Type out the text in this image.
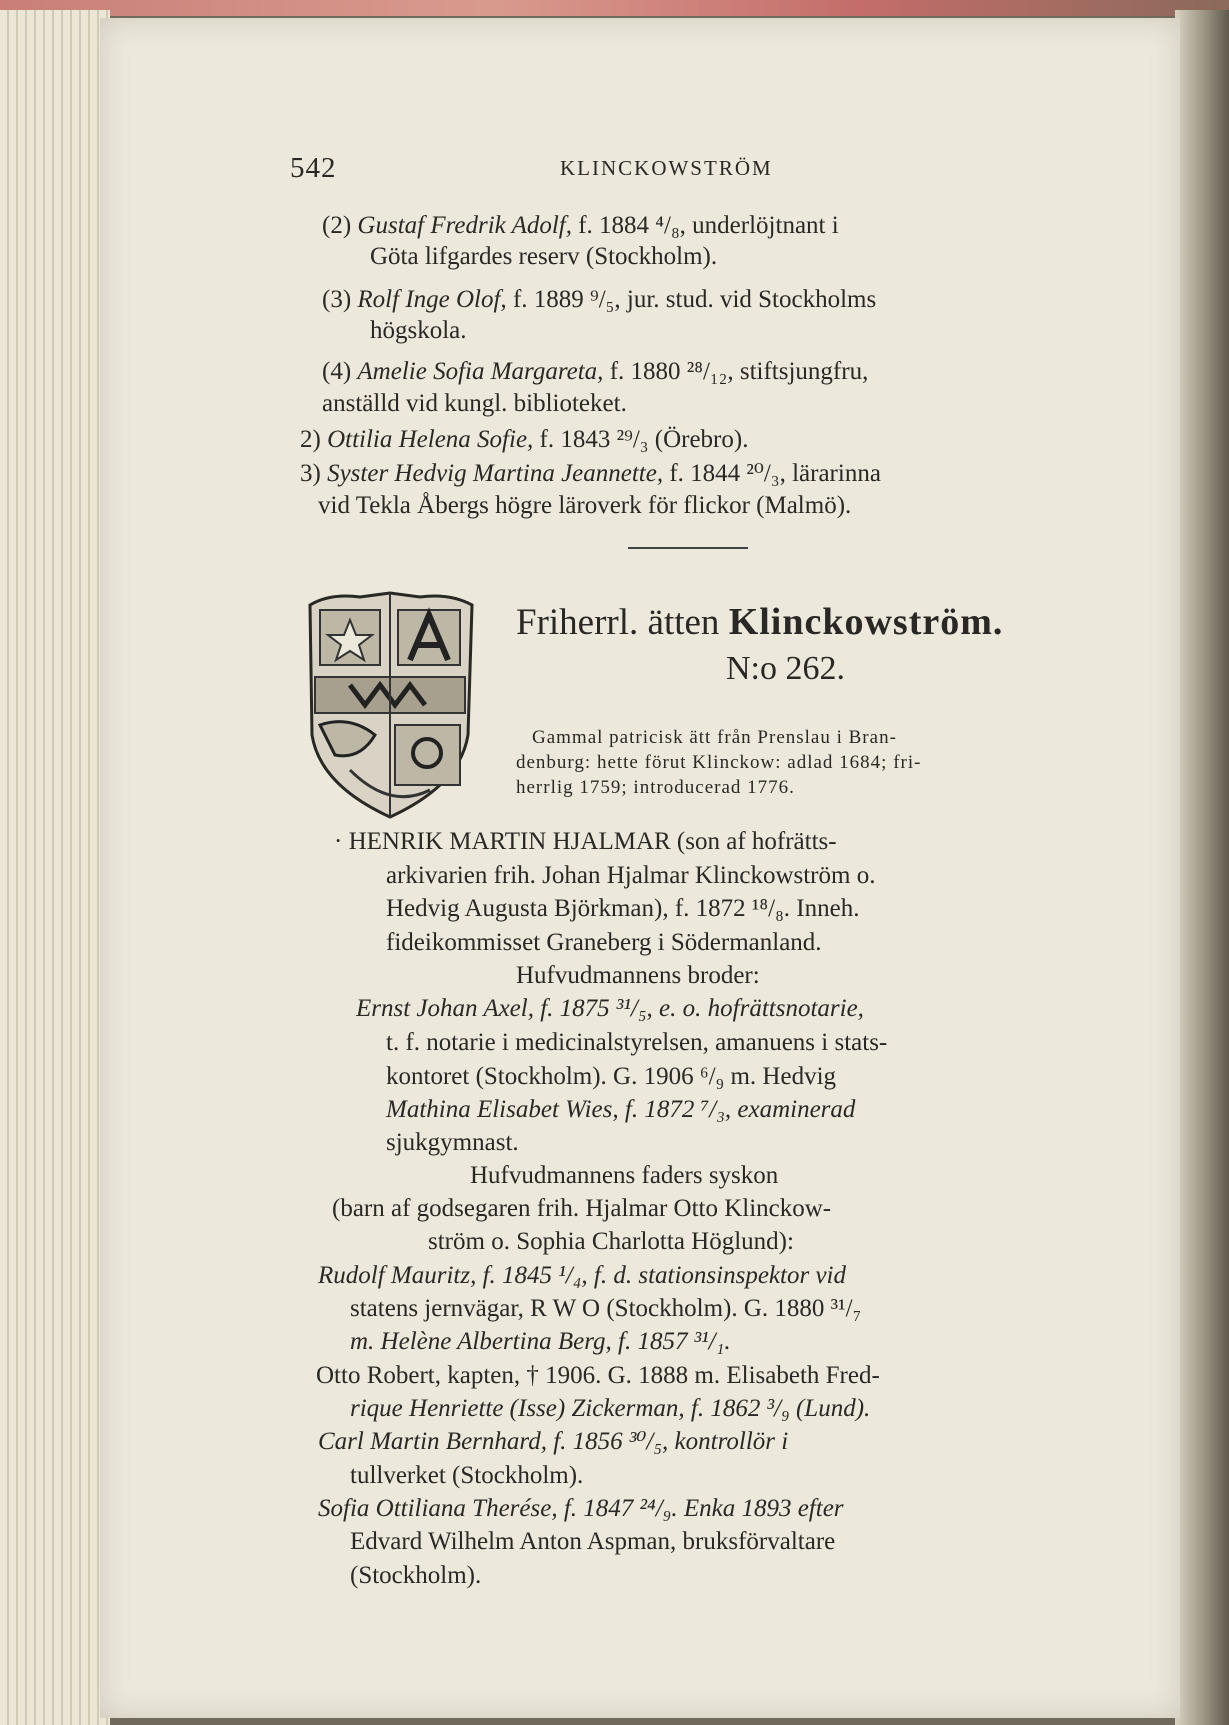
542	KLINCKOWSTRÖM
(2) Gustaf Fredrik Adolf, f. 1884 ⁴/₈, underlöjtnant i
Göta lifgardes reserv (Stockholm).
(3) Rolf Inge Olof, f. 1889 ⁹/₅, jur. stud. vid Stockholms
högskola.
(4) Amelie Sofia Margareta, f. 1880 ²⁸/₁₂, stiftsjungfru,
anställd vid kungl. biblioteket.
2) Ottilia Helena Sofie, f. 1843 ²⁹/₃ (Örebro).
3) Syster Hedvig Martina Jeannette, f. 1844 ²⁰/₃, lärarinna
vid Tekla Åbergs högre läroverk för flickor (Malmö).
Friherrl. ätten Klinckowström.
N:o 262.
Gammal patricisk ätt från Prenslau i Bran-
denburg: hette förut Klinckow: adlad 1684; fri-
herrlig 1759; introducerad 1776.
· HENRIK MARTIN HJALMAR (son af hofrätts-
arkivarien frih. Johan Hjalmar Klinckowström o.
Hedvig Augusta Björkman), f. 1872 ¹⁸/₈. Inneh.
fideikommisset Graneberg i Södermanland.
Hufvudmannens broder:
Ernst Johan Axel, f. 1875 ³¹/₅, e. o. hofrättsnotarie,
t. f. notarie i medicinalstyrelsen, amanuens i stats-
kontoret (Stockholm). G. 1906 ⁶/₉ m. Hedvig
Mathina Elisabet Wies, f. 1872 ⁷/₃, examinerad
sjukgymnast.
Hufvudmannens faders syskon
(barn af godsegaren frih. Hjalmar Otto Klinckow-
ström o. Sophia Charlotta Höglund):
Rudolf Mauritz, f. 1845 ¹/₄, f. d. stationsinspektor vid
statens jernvägar, R W O (Stockholm). G. 1880 ³¹/₇
m. Helène Albertina Berg, f. 1857 ³¹/₁.
Otto Robert, kapten, † 1906. G. 1888 m. Elisabeth Fred-
rique Henriette (Isse) Zickerman, f. 1862 ³/₉ (Lund).
Carl Martin Bernhard, f. 1856 ³⁰/₅, kontrollör i
tullverket (Stockholm).
Sofia Ottiliana Therése, f. 1847 ²⁴/₉. Enka 1893 efter
Edvard Wilhelm Anton Aspman, bruksförvaltare
(Stockholm).
